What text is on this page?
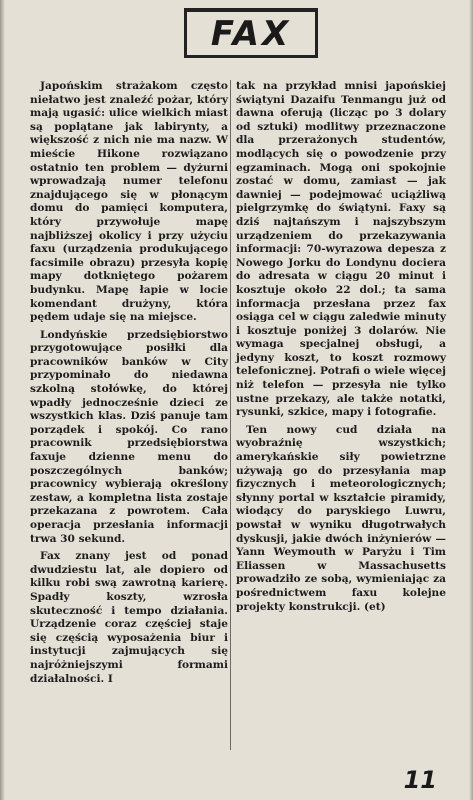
FAX

Japońskim strażakom często niełatwo jest znaleźć pożar, który mają ugasić: ulice wielkich miast są poplątane jak labirynty, a większość z nich nie ma nazw. W mieście Hikone rozwiązano ostatnio ten problem — dyżurni wprowadzają numer telefonu znajdującego się w płonącym domu do pamięci komputera, który przywołuje mapę najbliższej okolicy i przy użyciu faxu (urządzenia produkującego facsimile obrazu) przesyła kopię mapy dotkniętego pożarem budynku. Mapę łapie w locie komendant drużyny, która pędem udaje się na miejsce.

Londyńskie przedsiębiorstwo przygotowujące posiłki dla pracowników banków w City przypominało do niedawna szkolną stołówkę, do której wpadły jednocześnie dzieci ze wszystkich klas. Dziś panuje tam porządek i spokój. Co rano pracownik przedsiębiorstwa faxuje dzienne menu do poszczególnych banków; pracownicy wybierają określony zestaw, a kompletna lista zostaje przekazana z powrotem. Cała operacja przesłania informacji trwa 30 sekund.

Fax znany jest od ponad dwudziestu lat, ale dopiero od kilku robi swą zawrotną karierę. Spadły koszty, wzrosła skuteczność i tempo działania. Urządzenie coraz częściej staje się częścią wyposażenia biur i instytucji zajmujących się najróżniejszymi formami działalności. I

tak na przykład mnisi japońskiej świątyni Dazaifu Tenmangu już od dawna oferują (licząc po 3 dolary od sztuki) modlitwy przeznaczone dla przerażonych studentów, modlących się o powodzenie przy egzaminach. Mogą oni spokojnie zostać w domu, zamiast — jak dawniej — podejmować uciążliwą pielgrzymkę do świątyni. Faxy są dziś najtańszym i najszybszym urządzeniem do przekazywania informacji: 70-wyrazowa depesza z Nowego Jorku do Londynu dociera do adresata w ciągu 20 minut i kosztuje około 22 dol.; ta sama informacja przesłana przez fax osiąga cel w ciągu zaledwie minuty i kosztuje poniżej 3 dolarów. Nie wymaga specjalnej obsługi, a jedyny koszt, to koszt rozmowy telefonicznej. Potrafi o wiele więcej niż telefon — przesyła nie tylko ustne przekazy, ale także notatki, rysunki, szkice, mapy i fotografie.

Ten nowy cud działa na wyobraźnię wszystkich; amerykańskie siły powietrzne używają go do przesyłania map fizycznych i meteorologicznych; słynny portal w kształcie piramidy, wiodący do paryskiego Luwru, powstał w wyniku długotrwałych dyskusji, jakie dwóch inżynierów — Yann Weymouth w Paryżu i Tim Eliassen w Massachusetts prowadziło ze sobą, wymieniając za pośrednictwem faxu kolejne projekty konstrukcji. (et)

11
